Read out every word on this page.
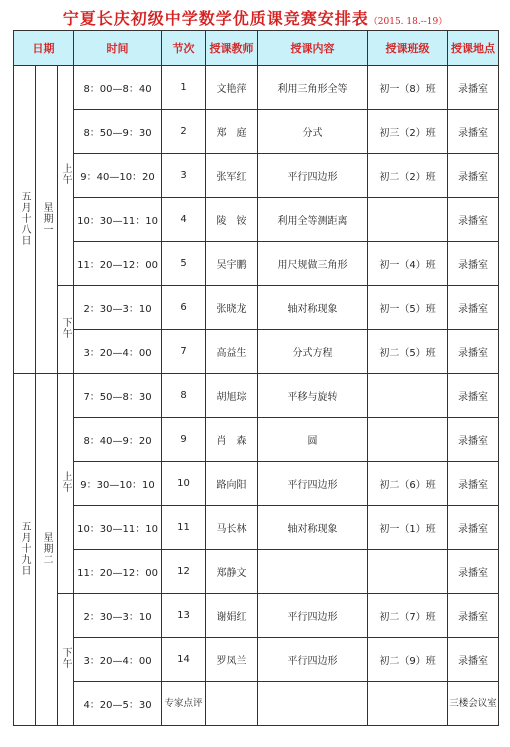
宁夏长庆初级中学数学优质课竞赛安排表（2015. 18.--19）
日期			时间	节次	授课教师	授课内容	授课班级	授课地点
五月十八日	星期一	上午	8：00—8：40	1	文艳萍	利用三角形全等	初一（8）班	录播室
			8：50—9：30	2	郑　庭	分式	初三（2）班	录播室
			9：40—10：20	3	张军红	平行四边形	初二（2）班	录播室
			10：30—11：10	4	陵　铵	利用全等测距离		录播室
			11：20—12：00	5	吴宇鹏	用尺规做三角形	初一（4）班	录播室
		下午	2：30—3：10	6	张晓龙	轴对称现象	初一（5）班	录播室
			3：20—4：00	7	高益生	分式方程	初二（5）班	录播室
五月十九日	星期二	上午	7：50—8：30	8	胡旭琮	平移与旋转		录播室
			8：40—9：20	9	肖　森	圆		录播室
			9：30—10：10	10	路向阳	平行四边形	初二（6）班	录播室
			10：30—11：10	11	马长林	轴对称现象	初一（1）班	录播室
			11：20—12：00	12	郑静文			录播室
		下午	2：30—3：10	13	谢娟红	平行四边形	初二（7）班	录播室
			3：20—4：00	14	罗凤兰	平行四边形	初二（9）班	录播室
			4：20—5：30	专家点评				三楼会议室
